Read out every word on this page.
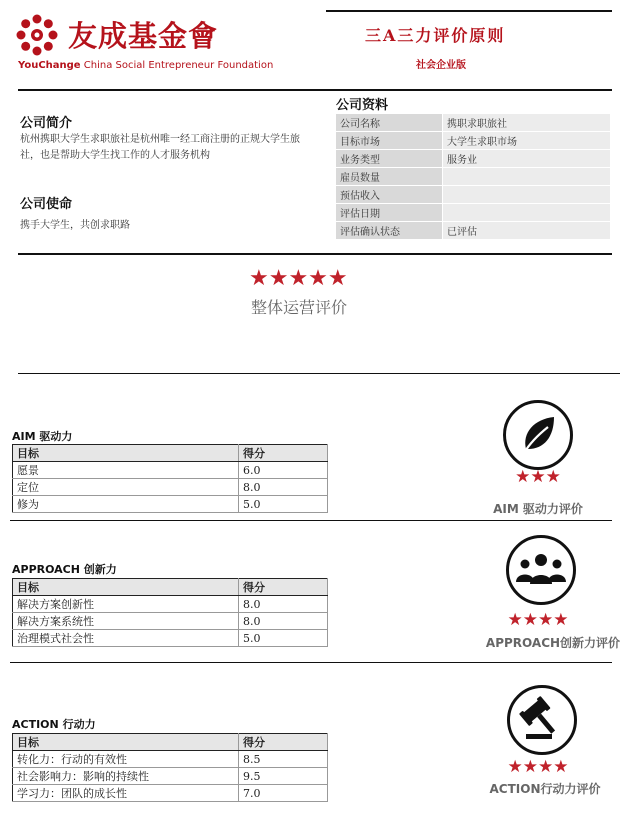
友成基金會
YouChange China Social Entrepreneur Foundation
三A三力评价原则
社会企业版
公司简介
杭州携职大学生求职旅社是杭州唯一经工商注册的正规大学生旅社，也是帮助大学生找工作的人才服务机构
公司使命
携手大学生，共创求职路
公司资料
公司名称	携职求职旅社
目标市场	大学生求职市场
业务类型	服务业
雇员数量	
预估收入	
评估日期	
评估确认状态	已评估
★★★★★
整体运营评价
AIM 驱动力
目标	得分
愿景	6.0
定位	8.0
修为	5.0
★★★
AIM 驱动力评价
APPROACH 创新力
目标	得分
解决方案创新性	8.0
解决方案系统性	8.0
治理模式社会性	5.0
★★★★
APPROACH创新力评价
ACTION 行动力
目标	得分
转化力：行动的有效性	8.5
社会影响力：影响的持续性	9.5
学习力：团队的成长性	7.0
★★★★
ACTION行动力评价
